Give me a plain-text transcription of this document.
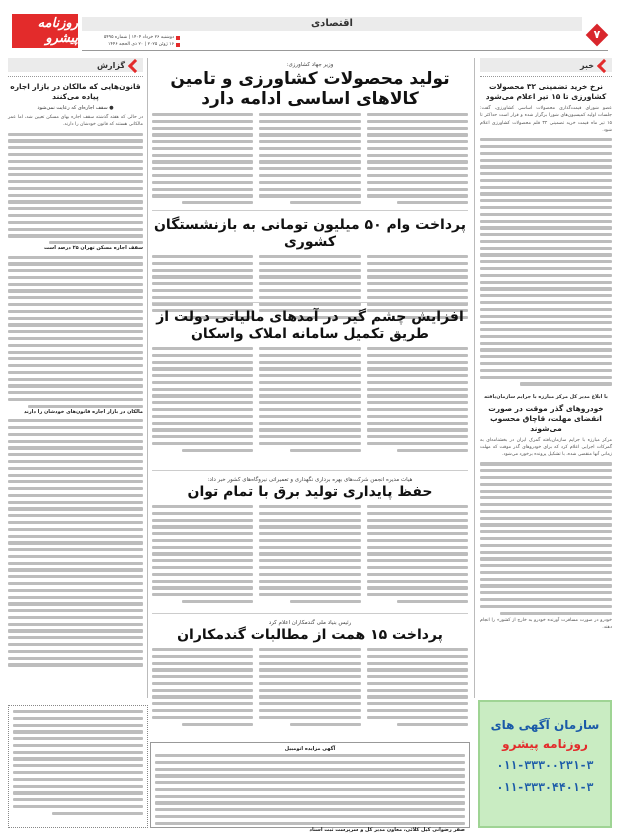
روزنامه پیشرو
اقتصادی
دوشنبه ۲۶ خرداد ۱۴۰۴ | شماره ۵۴۹۵
۱۶ ژوئن ۲۰۲۵ | ۲۰ ذی الحجه ۱۴۴۶
۷
خبر
نرخ خرید تضمینی ۳۲ محصولات کشاورزی تا ۱۵ تیر اعلام می‌شود
عضو شورای قیمت‌گذاری محصولات اساسی کشاورزی، گفت: جلسات اولیه کمیسیون‌های شورا برگزار شده و قرار است حداکثر تا ۱۵ تیر ماه قیمت خرید تضمینی ۳۲ قلم محصولات کشاورزی اعلام شود.
با ابلاغ مدیر کل مرکز مبارزه با جرایم سازمان‌یافته
خودروهای گذر موقت در صورت انقضای مهلت، قاچاق محسوب می‌شوند
مرکز مبارزه با جرایم سازمان‌یافته گمرک ایران در بخشنامه‌ای به گمرکات اجرایی اعلام کرد که برای خودروهای گذر موقت که مهلت زمانی آنها منقضی شده، با تشکیل پرونده برخورد می‌شود.
خودرو در صورت مسافرت آورنده خودرو به خارج از کشور» را انجام دهند.
سازمان آگهی های
روزنامه پیشرو
۰۱۱-۳۳۳۰۰۲۳۱-۳
۰۱۱-۳۳۳۰۴۴۰۱-۳
گزارش
قانون‌هایی که مالکان در بازار اجاره پیاده می‌کنند
● سقف اجاره‌ای که رعایت نمی‌شود
در حالی که هفته گذشته سقف اجاره بهای مسکن تعیین شد، اما عمر مالکانی هستند که قانون خودشان را دارند.
سقف اجاره مسکن تهران ۲۵ درصد است
مالکان در بازار اجاره قانون‌های خودشان را دارند
وزیر جهاد کشاورزی:
تولید محصولات کشاورزی و تامین کالاهای اساسی ادامه دارد
پرداخت وام ۵۰ میلیون تومانی به بازنشستگان کشوری
افزایش چشم گیر در آمدهای مالیاتی دولت از طریق تکمیل سامانه املاک واسکان
هیات مدیره انجمن شرکت‌های بهره برداری نگهداری و تعمیراتی نیروگاه‌های کشور خبر داد:
حفظ پایداری تولید برق با تمام توان
رئیس بنیاد ملی گندمکاران اعلام کرد
پرداخت ۱۵ همت از مطالبات گندمکاران
آگهی مزایده اتومبیل
صفر رضوانی کیل کلائی، معاون مدیر کل و سرپرست ثبت اسناد
